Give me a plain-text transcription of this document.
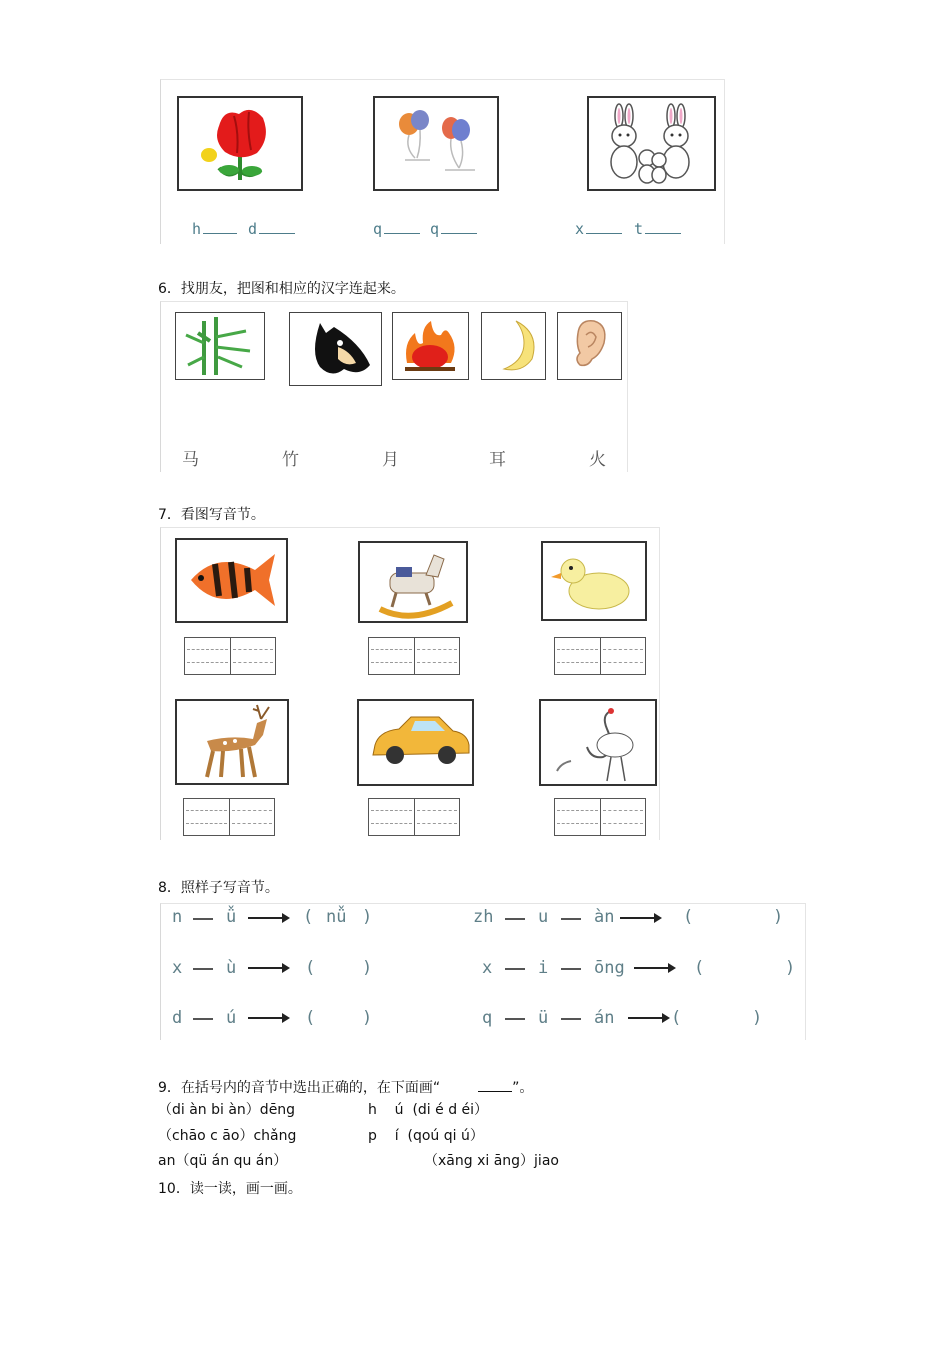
h	d	q	q	x	t
6．找朋友，把图和相应的汉字连起来。
马	竹	月	耳	火
7．看图写音节。
8．照样子写音节。
n	ǚ	( nǚ )
x	ù	(	)
d	ú	(	)
zh	u	àn	(	)
x	i	ōng	(	)
q	ü	án	(	)
9．在括号内的音节中选出正确的，在下面画“	”。
（di àn bi àn）dēng	h    ú  (di é d éi）
（chāo c āo）chǎng	p    í  (qoú qi ú）
an（qü án qu án）	（xāng xi āng）jiao
10．读一读，画一画。
